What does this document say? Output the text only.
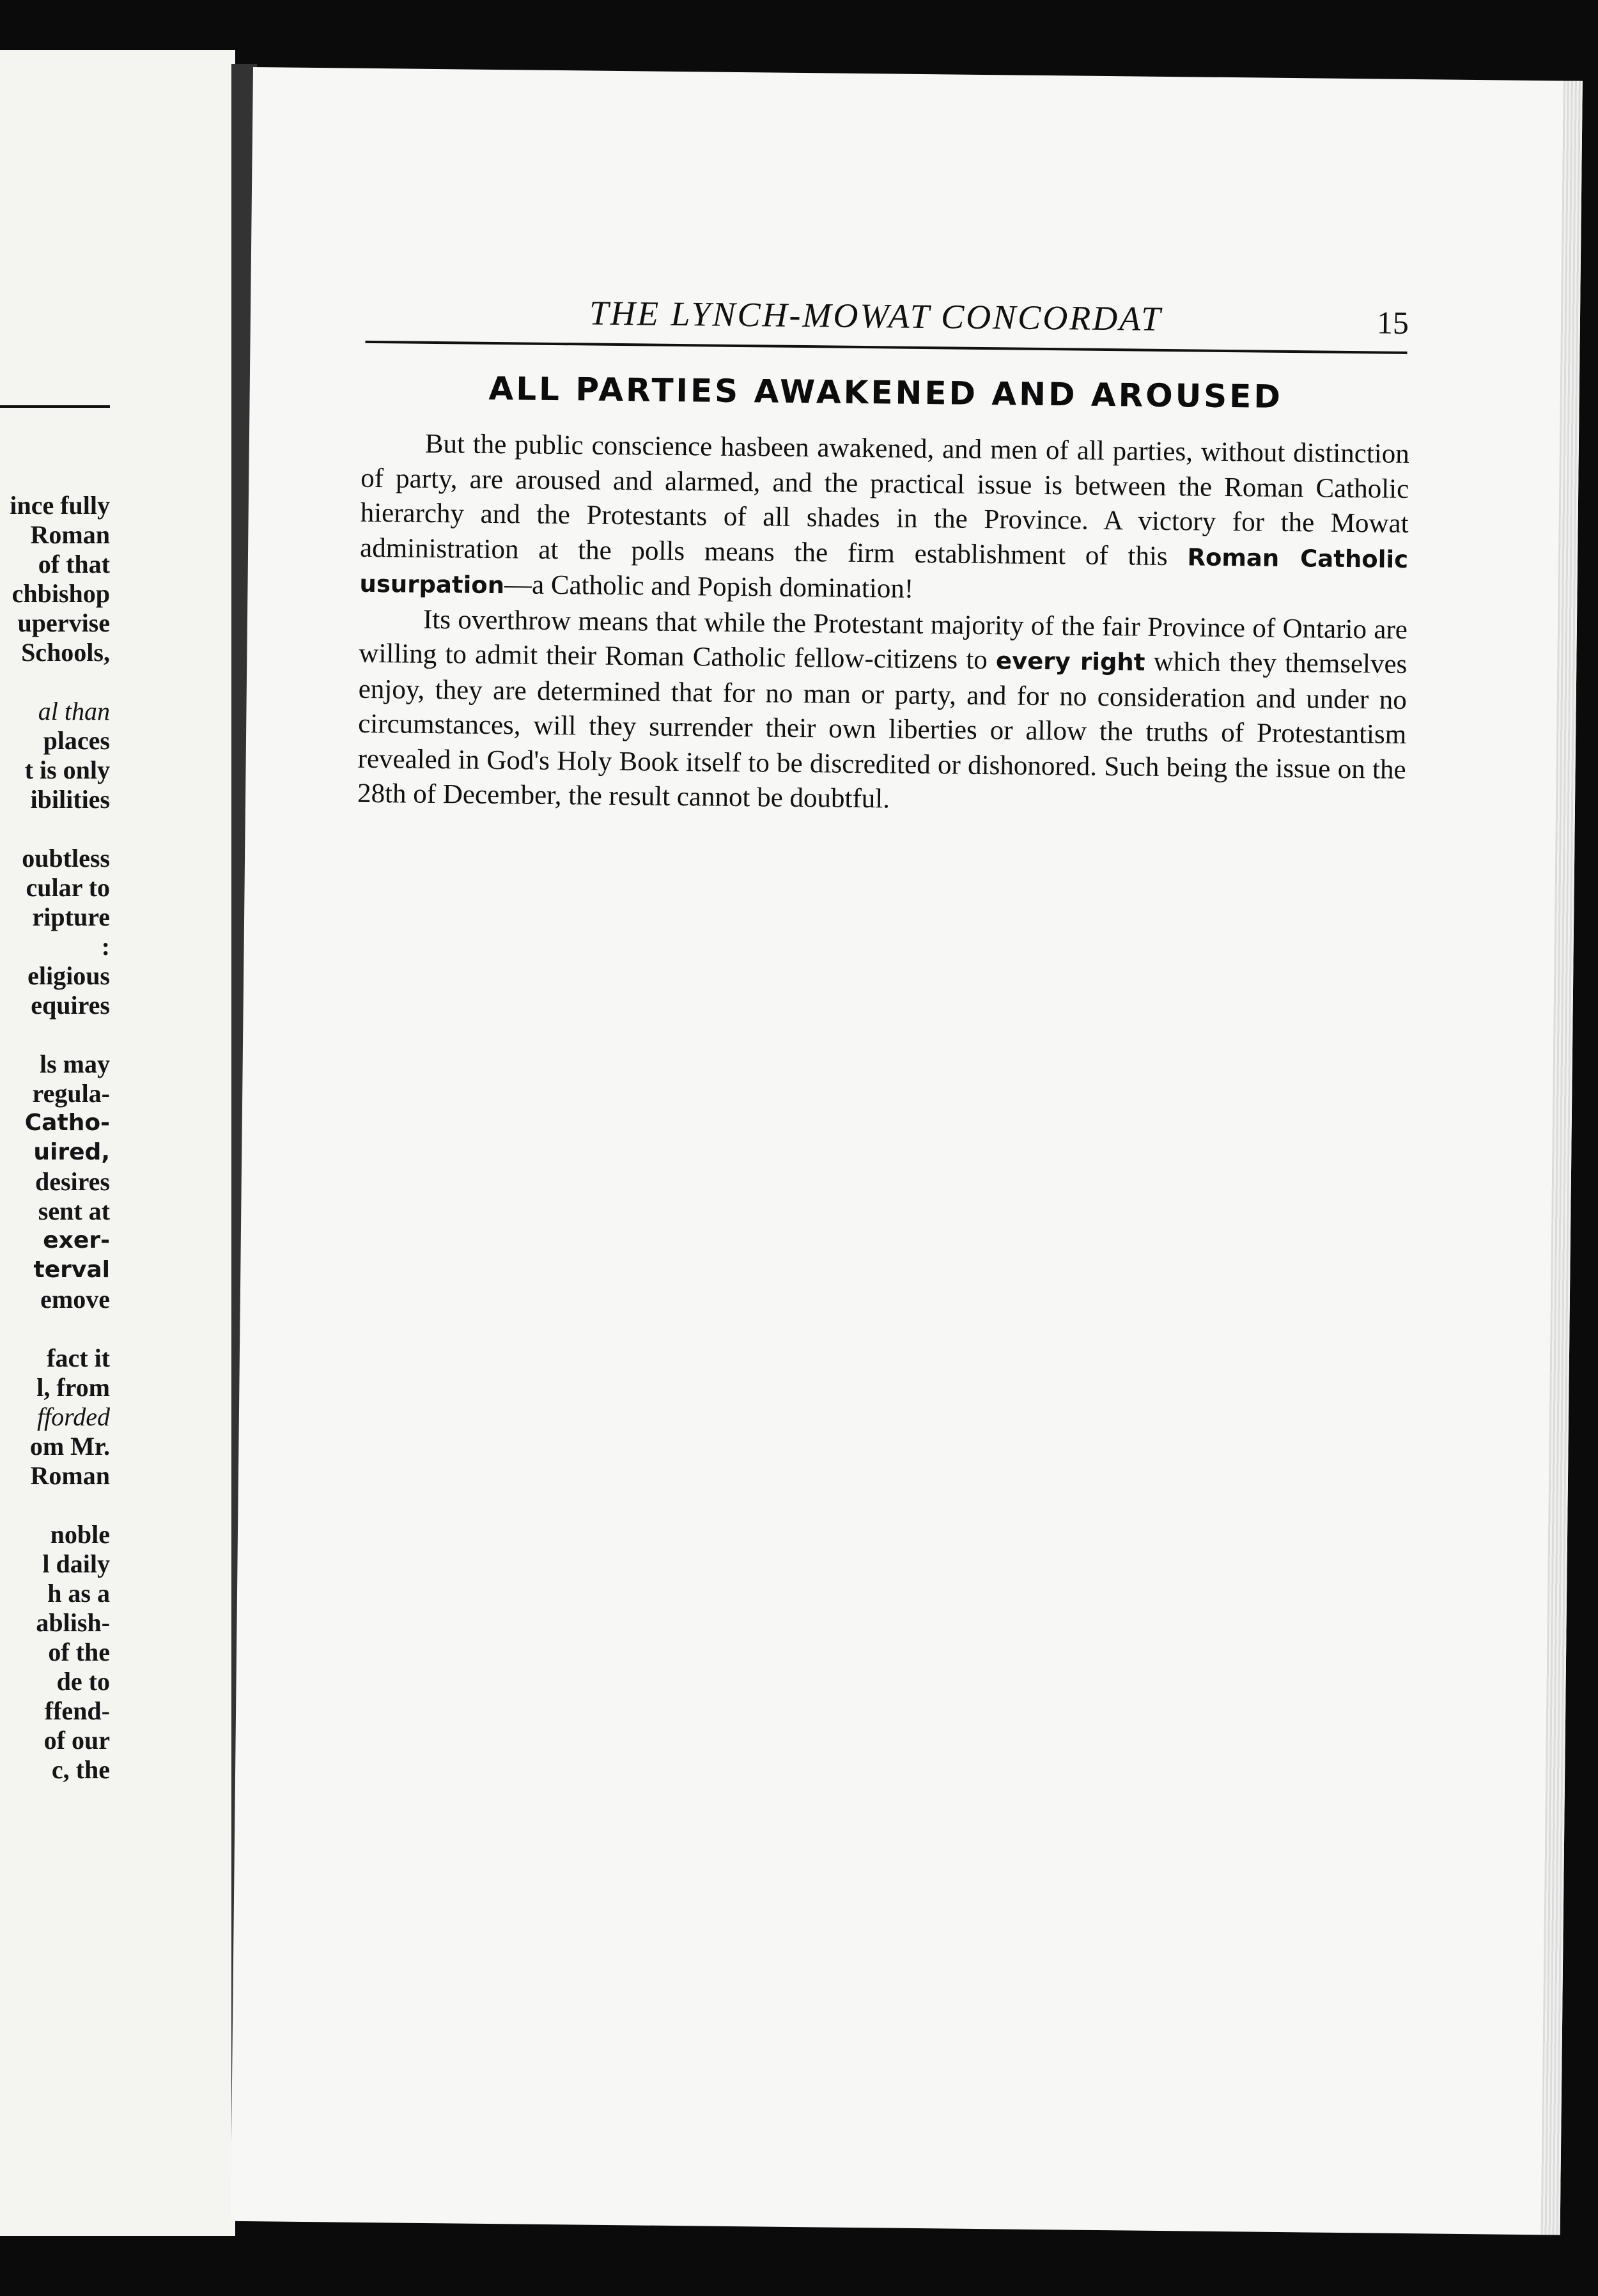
ince fully
Roman
of that
chbishop
upervise
Schools,
al than
places
t is only
ibilities
oubtless
cular to
ripture
:
eligious
equires
ls may
regula-
Catho-
uired,
desires
sent at
exer-
terval
emove
fact it
l, from
fforded
om Mr.
Roman
noble
l daily
h as a
ablish-
of the
de to
ffend-
of our
c, the
THE LYNCH-MOWAT CONCORDAT	15
ALL PARTIES AWAKENED AND AROUSED

But the public conscience hasbeen awakened, and men of all parties, without distinction of party, are aroused and alarmed, and the practical issue is between the Roman Catholic hierarchy and the Protestants of all shades in the Province. A victory for the Mowat administration at the polls means the firm establishment of this Roman Catholic usurpation—a Catholic and Popish domination!

Its overthrow means that while the Protestant majority of the fair Province of Ontario are willing to admit their Roman Catholic fellow-citizens to every right which they themselves enjoy, they are determined that for no man or party, and for no consideration and under no circumstances, will they surrender their own liberties or allow the truths of Protestantism revealed in God's Holy Book itself to be discredited or dishonored. Such being the issue on the 28th of December, the result cannot be doubtful.
